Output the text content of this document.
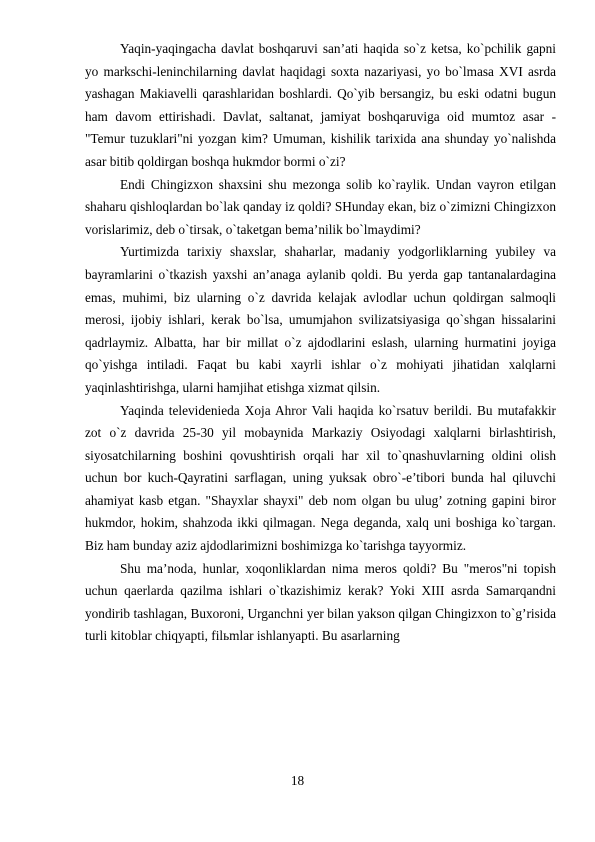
Yaqin-yaqingacha davlat boshqaruvi san’ati haqida so`z ketsa, ko`pchilik gapni yo markschi-leninchilarning davlat haqidagi soxta nazariyasi, yo bo`lmasa XVI asrda yashagan Makiavelli qarashlaridan boshlardi. Qo`yib bersangiz, bu eski odatni bugun ham davom ettirishadi. Davlat, saltanat, jamiyat boshqaruviga oid mumtoz asar - "Temur tuzuklari"ni yozgan kim? Umuman, kishilik tarixida ana shunday yo`nalishda asar bitib qoldirgan boshqa hukmdor bormi o`zi?

Endi Chingizxon shaxsini shu mezonga solib ko`raylik. Undan vayron etilgan shaharu qishloqlardan bo`lak qanday iz qoldi? SHunday ekan, biz o`zimizni Chingizxon vorislarimiz, deb o`tirsak, o`taketgan bema’nilik bo`lmaydimi?

Yurtimizda tarixiy shaxslar, shaharlar, madaniy yodgorliklarning yubiley va bayramlarini o`tkazish yaxshi an’anaga aylanib qoldi. Bu yerda gap tantanalardagina emas, muhimi, biz ularning o`z davrida kelajak avlodlar uchun qoldirgan salmoqli merosi, ijobiy ishlari, kerak bo`lsa, umumjahon svilizatsiyasiga qo`shgan hissalarini qadrlaymiz. Albatta, har bir millat o`z ajdodlarini eslash, ularning hurmatini joyiga qo`yishga intiladi. Faqat bu kabi xayrli ishlar o`z mohiyati jihatidan xalqlarni yaqinlashtirishga, ularni hamjihat etishga xizmat qilsin.

Yaqinda televidenieda Xoja Ahror Vali haqida ko`rsatuv berildi. Bu mutafakkir zot o`z davrida 25-30 yil mobaynida Markaziy Osiyodagi xalqlarni birlashtirish, siyosatchilarning boshini qovushtirish orqali har xil to`qnashuvlarning oldini olish uchun bor kuch-Qayratini sarflagan, uning yuksak obro`-e’tibori bunda hal qiluvchi ahamiyat kasb etgan. "Shayxlar shayxi" deb nom olgan bu ulug’ zotning gapini biror hukmdor, hokim, shahzoda ikki qilmagan. Nega deganda, xalq uni boshiga ko`targan. Biz ham bunday aziz ajdodlarimizni boshimizga ko`tarishga tayyormiz.

Shu ma’noda, hunlar, xoqonliklardan nima meros qoldi? Bu "meros"ni topish uchun qaerlarda qazilma ishlari o`tkazishimiz kerak? Yoki XIII asrda Samarqandni yondirib tashlagan, Buxoroni, Urganchni yer bilan yakson qilgan Chingizxon to`g’risida turli kitoblar chiqyapti, filьmlar ishlanyapti. Bu asarlarning

18
